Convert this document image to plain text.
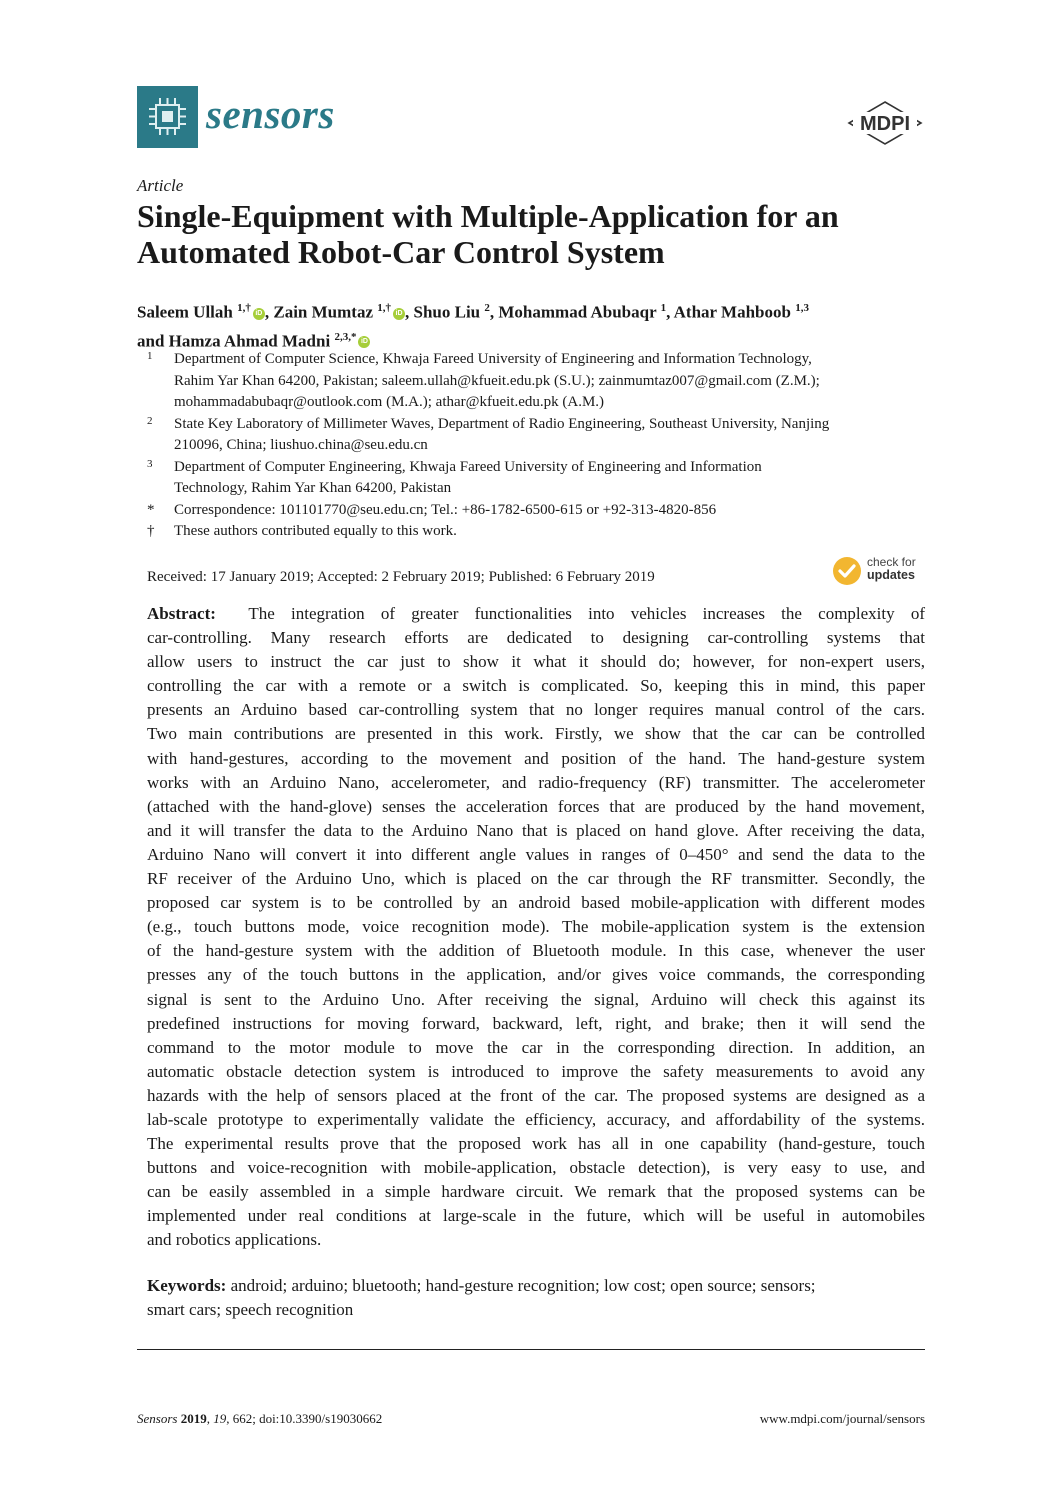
sensors	MDPI
Article
Single-Equipment with Multiple-Application for an
Automated Robot-Car Control System
Saleem Ullah $^{1,\dagger}$ iD , Zain Mumtaz $^{1,\dagger}$ iD , Shuo Liu $^2$, Mohammad Abubaqr $^1$, Athar Mahboob $^{1,3}$
and Hamza Ahmad Madni $^{2,3,*}$ iD
1	Department of Computer Science, Khwaja Fareed University of Engineering and Information Technology,
Rahim Yar Khan 64200, Pakistan; saleem.ullah@kfueit.edu.pk (S.U.); zainmumtaz007@gmail.com (Z.M.);
mohammadabubaqr@outlook.com (M.A.); athar@kfueit.edu.pk (A.M.)
2	State Key Laboratory of Millimeter Waves, Department of Radio Engineering, Southeast University, Nanjing
210096, China; liushuo.china@seu.edu.cn
3	Department of Computer Engineering, Khwaja Fareed University of Engineering and Information
Technology, Rahim Yar Khan 64200, Pakistan
*	Correspondence: 101101770@seu.edu.cn; Tel.: +86-1782-6500-615 or +92-313-4820-856
†	These authors contributed equally to this work.
Received: 17 January 2019; Accepted: 2 February 2019; Published: 6 February 2019
check for
updates
Abstract: The integration of greater functionalities into vehicles increases the complexity of
car-controlling. Many research efforts are dedicated to designing car-controlling systems that
allow users to instruct the car just to show it what it should do; however, for non-expert users,
controlling the car with a remote or a switch is complicated. So, keeping this in mind, this paper
presents an Arduino based car-controlling system that no longer requires manual control of the cars.
Two main contributions are presented in this work. Firstly, we show that the car can be controlled
with hand-gestures, according to the movement and position of the hand. The hand-gesture system
works with an Arduino Nano, accelerometer, and radio-frequency (RF) transmitter. The accelerometer
(attached with the hand-glove) senses the acceleration forces that are produced by the hand movement,
and it will transfer the data to the Arduino Nano that is placed on hand glove. After receiving the data,
Arduino Nano will convert it into different angle values in ranges of 0–450° and send the data to the
RF receiver of the Arduino Uno, which is placed on the car through the RF transmitter. Secondly, the
proposed car system is to be controlled by an android based mobile-application with different modes
(e.g., touch buttons mode, voice recognition mode). The mobile-application system is the extension
of the hand-gesture system with the addition of Bluetooth module. In this case, whenever the user
presses any of the touch buttons in the application, and/or gives voice commands, the corresponding
signal is sent to the Arduino Uno. After receiving the signal, Arduino will check this against its
predefined instructions for moving forward, backward, left, right, and brake; then it will send the
command to the motor module to move the car in the corresponding direction. In addition, an
automatic obstacle detection system is introduced to improve the safety measurements to avoid any
hazards with the help of sensors placed at the front of the car. The proposed systems are designed as a
lab-scale prototype to experimentally validate the efficiency, accuracy, and affordability of the systems.
The experimental results prove that the proposed work has all in one capability (hand-gesture, touch
buttons and voice-recognition with mobile-application, obstacle detection), is very easy to use, and
can be easily assembled in a simple hardware circuit. We remark that the proposed systems can be
implemented under real conditions at large-scale in the future, which will be useful in automobiles
and robotics applications.
Keywords: android; arduino; bluetooth; hand-gesture recognition; low cost; open source; sensors;
smart cars; speech recognition
Sensors 2019, 19, 662; doi:10.3390/s19030662	www.mdpi.com/journal/sensors
